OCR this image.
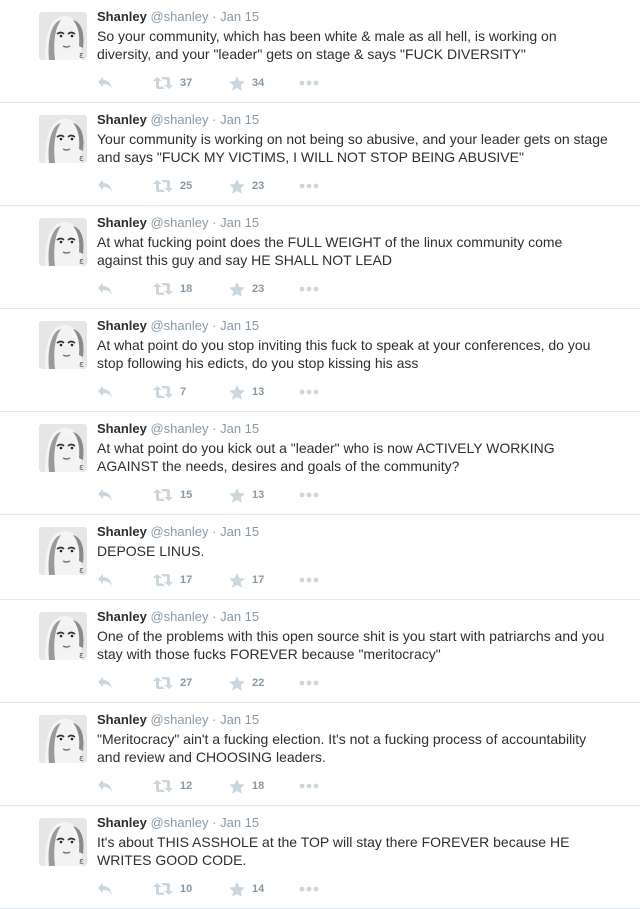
ε
Shanley @shanley · Jan 15
So your community, which has been white & male as all hell, is working on diversity, and your "leader" gets on stage & says "FUCK DIVERSITY"
37	34
ε
Shanley @shanley · Jan 15
Your community is working on not being so abusive, and your leader gets on stage and says "FUCK MY VICTIMS, I WILL NOT STOP BEING ABUSIVE"
25	23
ε
Shanley @shanley · Jan 15
At what fucking point does the FULL WEIGHT of the linux community come against this guy and say HE SHALL NOT LEAD
18	23
ε
Shanley @shanley · Jan 15
At what point do you stop inviting this fuck to speak at your conferences, do you stop following his edicts, do you stop kissing his ass
7	13
ε
Shanley @shanley · Jan 15
At what point do you kick out a "leader" who is now ACTIVELY WORKING AGAINST the needs, desires and goals of the community?
15	13
ε
Shanley @shanley · Jan 15
DEPOSE LINUS.
17	17
ε
Shanley @shanley · Jan 15
One of the problems with this open source shit is you start with patriarchs and you stay with those fucks FOREVER because "meritocracy"
27	22
ε
Shanley @shanley · Jan 15
"Meritocracy" ain't a fucking election. It's not a fucking process of accountability and review and CHOOSING leaders.
12	18
ε
Shanley @shanley · Jan 15
It's about THIS ASSHOLE at the TOP will stay there FOREVER because HE WRITES GOOD CODE.
10	14
